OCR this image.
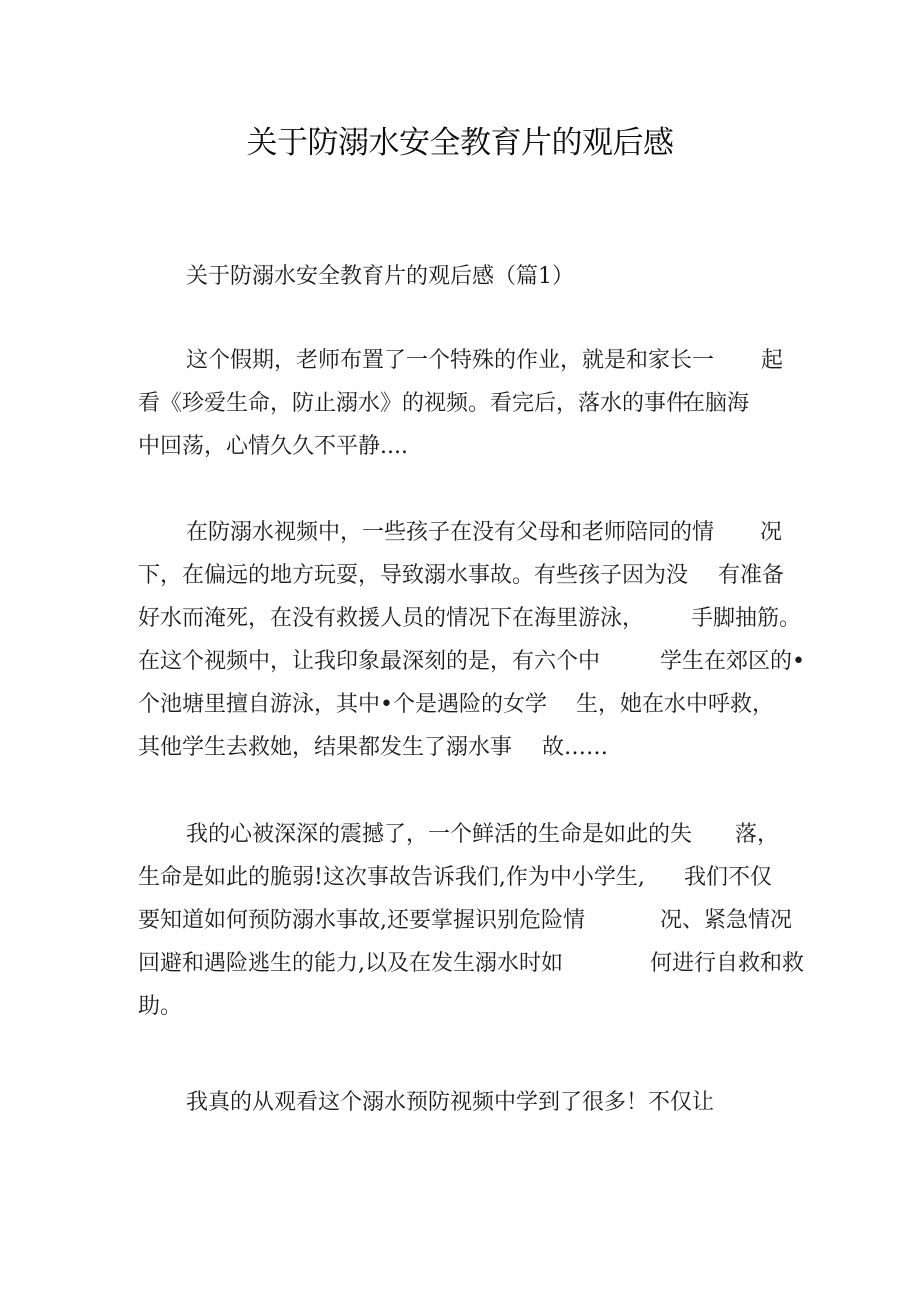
关于防溺水安全教育片的观后感
关于防溺水安全教育片的观后感（篇1）
这个假期，老师布置了一个特殊的作业，就是和家长一 起
看《珍爱生命，防止溺水》的视频。看完后，落水的事件
在脑海
中回荡，心情久久不平静....
在防溺水视频中，一些孩子在没有父母和老师陪同的情 况
下，在偏远的地方玩耍，导致溺水事故。有些孩子因为没 有准备
好水而淹死，在没有救援人员的情况下在海里游泳， 手脚抽筋。
在这个视频中，让我印象最深刻的是，有六个中	学生在郊区的•
个池塘里擅自游泳，其中•个是遇险的女学 生，她在水中呼救，
其他学生去救她，结果都发生了溺水事 故……
我的心被深深的震撼了，一个鲜活的生命是如此的失 落，
生命是如此的脆弱!这次事故告诉我们,作为中小学生, 我们不仅
要知道如何预防溺水事故,还要掌握识别危险情	况、紧急情况
回避和遇险逃生的能力,以及在发生溺水时如	何进行自救和救
助。
我真的从观看这个溺水预防视频中学到了很多！不仅让
